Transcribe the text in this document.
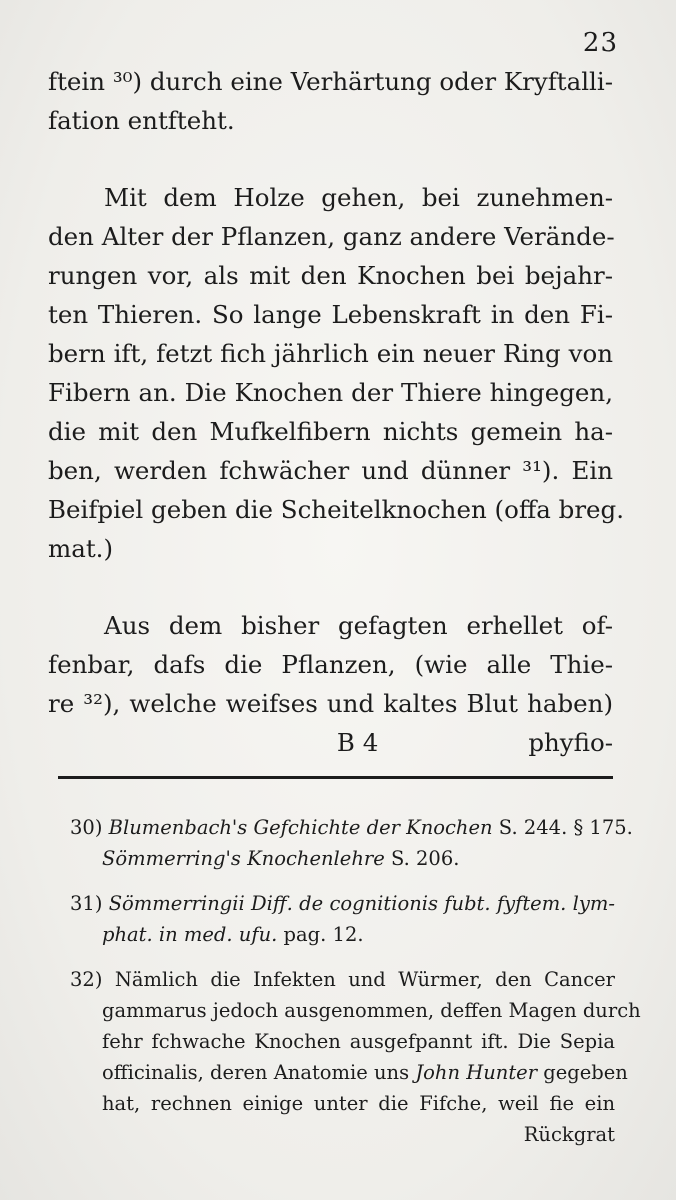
23

ftein ³⁰) durch eine Verhärtung oder Kryftalli-
fation entfteht.

Mit dem Holze gehen, bei zunehmen-
den Alter der Pflanzen, ganz andere Verände-
rungen vor, als mit den Knochen bei bejahr-
ten Thieren. So lange Lebenskraft in den Fi-
bern ift, fetzt fich jährlich ein neuer Ring von
Fibern an. Die Knochen der Thiere hingegen,
die mit den Mufkelfibern nichts gemein ha-
ben, werden fchwächer und dünner ³¹). Ein
Beifpiel geben die Scheitelknochen (offa breg.
mat.)

Aus dem bisher gefagten erhellet of-
fenbar, dafs die Pflanzen, (wie alle Thie-
re ³²), welche weifses und kaltes Blut haben)

B 4	phyfio-
30) Blumenbach's Gefchichte der Knochen S. 244. § 175.
Sömmerring's Knochenlehre S. 206.
31) Sömmerringii Diff. de cognitionis fubt. fyftem. lym-
phat. in med. ufu. pag. 12.
32) Nämlich die Infekten und Würmer, den Cancer
gammarus jedoch ausgenommen, deffen Magen durch
fehr fchwache Knochen ausgefpannt ift. Die Sepia
officinalis, deren Anatomie uns John Hunter gegeben
hat, rechnen einige unter die Fifche, weil fie ein
Rückgrat
